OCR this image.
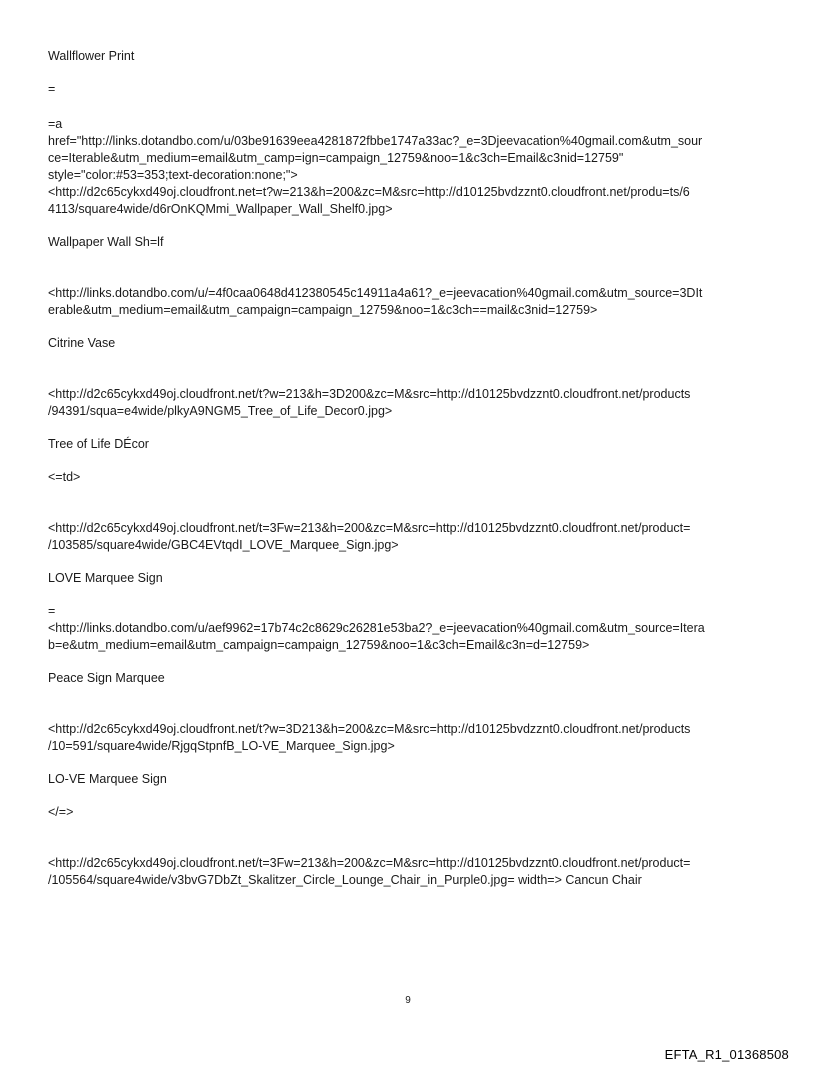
Wallflower Print

=

=a

href="http://links.dotandbo.com/u/03be91639eea4281872fbbe1747a33ac?_e=3Djeevacation%40gmail.com&utm_sour

ce=Iterable&utm_medium=email&utm_camp=ign=campaign_12759&noo=1&c3ch=Email&c3nid=12759"

style="color:#53=353;text-decoration:none;">

<http://d2c65cykxd49oj.cloudfront.net=t?w=213&h=200&zc=M&src=http://d10125bvdzznt0.cloudfront.net/produ=ts/6

4113/square4wide/d6rOnKQMmi_Wallpaper_Wall_Shelf0.jpg>

Wallpaper Wall Sh=lf

<http://links.dotandbo.com/u/=4f0caa0648d412380545c14911a4a61?_e=jeevacation%40gmail.com&utm_source=3DIt

erable&utm_medium=email&utm_campaign=campaign_12759&noo=1&c3ch==mail&c3nid=12759>

Citrine Vase

<http://d2c65cykxd49oj.cloudfront.net/t?w=213&h=3D200&zc=M&src=http://d10125bvdzznt0.cloudfront.net/products

/94391/squa=e4wide/plkyA9NGM5_Tree_of_Life_Decor0.jpg>

Tree of Life DÉcor

<=td>

<http://d2c65cykxd49oj.cloudfront.net/t=3Fw=213&h=200&zc=M&src=http://d10125bvdzznt0.cloudfront.net/product=

/103585/square4wide/GBC4EVtqdI_LOVE_Marquee_Sign.jpg>

LOVE Marquee Sign

=

<http://links.dotandbo.com/u/aef9962=17b74c2c8629c26281e53ba2?_e=jeevacation%40gmail.com&utm_source=Itera

b=e&utm_medium=email&utm_campaign=campaign_12759&noo=1&c3ch=Email&c3n=d=12759>

Peace Sign Marquee

<http://d2c65cykxd49oj.cloudfront.net/t?w=3D213&h=200&zc=M&src=http://d10125bvdzznt0.cloudfront.net/products

/10=591/square4wide/RjgqStpnfB_LO-VE_Marquee_Sign.jpg>

LO-VE Marquee Sign

</=>

<http://d2c65cykxd49oj.cloudfront.net/t=3Fw=213&h=200&zc=M&src=http://d10125bvdzznt0.cloudfront.net/product=

/105564/square4wide/v3bvG7DbZt_Skalitzer_Circle_Lounge_Chair_in_Purple0.jpg= width=> Cancun Chair

9
EFTA_R1_01368508
